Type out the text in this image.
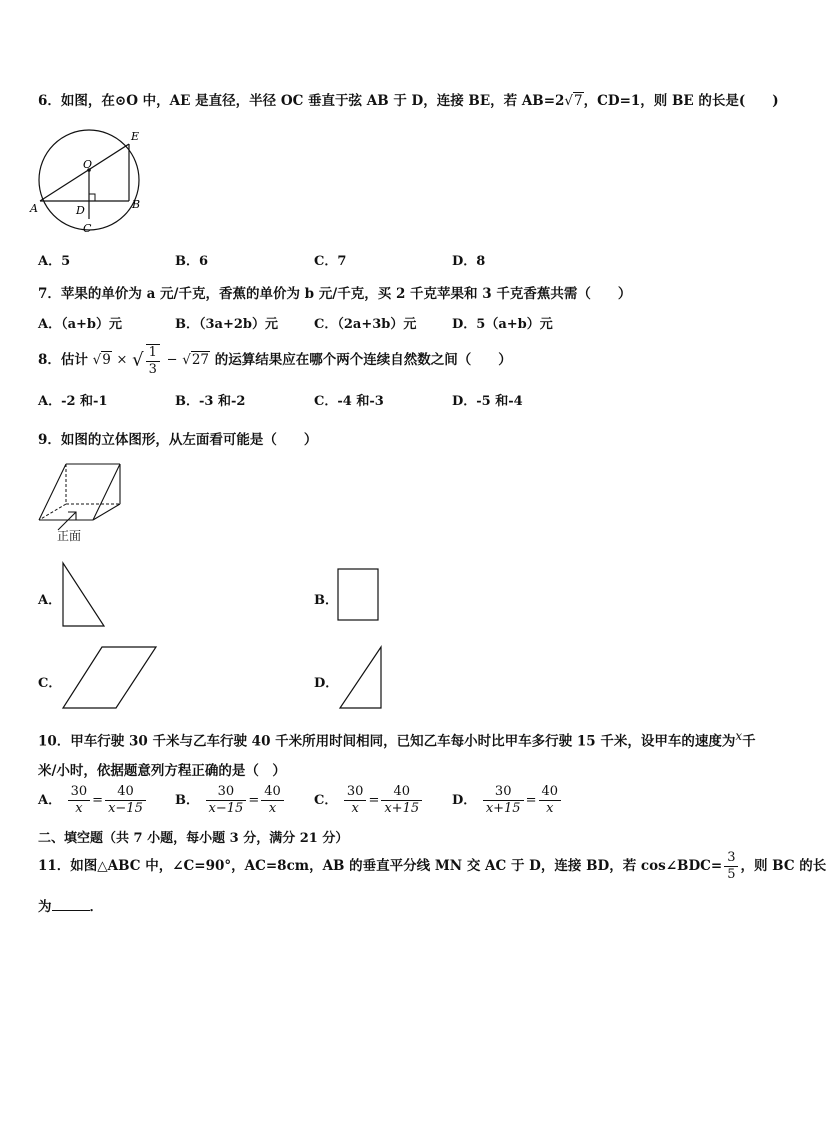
6．如图，在⊙O 中，AE 是直径，半径 OC 垂直于弦 AB 于 D，连接 BE，若 AB=2√7，CD=1，则 BE 的长是(　　)
E
O
A	D	B
C
A．5	B．6	C．7	D．8
7．苹果的单价为 a 元/千克，香蕉的单价为 b 元/千克，买 2 千克苹果和 3 千克香蕉共需（　　）
A．（a+b）元	B．（3a+2b）元	C．（2a+3b）元	D．5（a+b）元
8．估计 √9 × √ $\frac{1}{3} - √27$ 的运算结果应在哪个两个连续自然数之间（　　）
A．-2 和-1	B．-3 和-2	C．-4 和-3	D．-5 和-4
9．如图的立体图形，从左面看可能是（　　）
正面
A．	B．
C．	D．
10．甲车行驶 30 千米与乙车行驶 40 千米所用时间相同，已知乙车每小时比甲车多行驶 15 千米，设甲车的速度为x千
米/小时，依据题意列方程正确的是（　）
A． $\frac{30}{x} = \frac{40}{x-15}$ B． $\frac{30}{x-15} = \frac{40}{x}$ C． $\frac{30}{x} = \frac{40}{x+15}$ D． $\frac{30}{x+15} = \frac{40}{x}$
二、填空题（共 7 小题，每小题 3 分，满分 21 分）
11．如图△ABC 中，∠C=90°，AC=8cm，AB 的垂直平分线 MN 交 AC 于 D，连接 BD，若 cos∠BDC= $\frac{3}{5}$ ，则 BC 的长
为	．
